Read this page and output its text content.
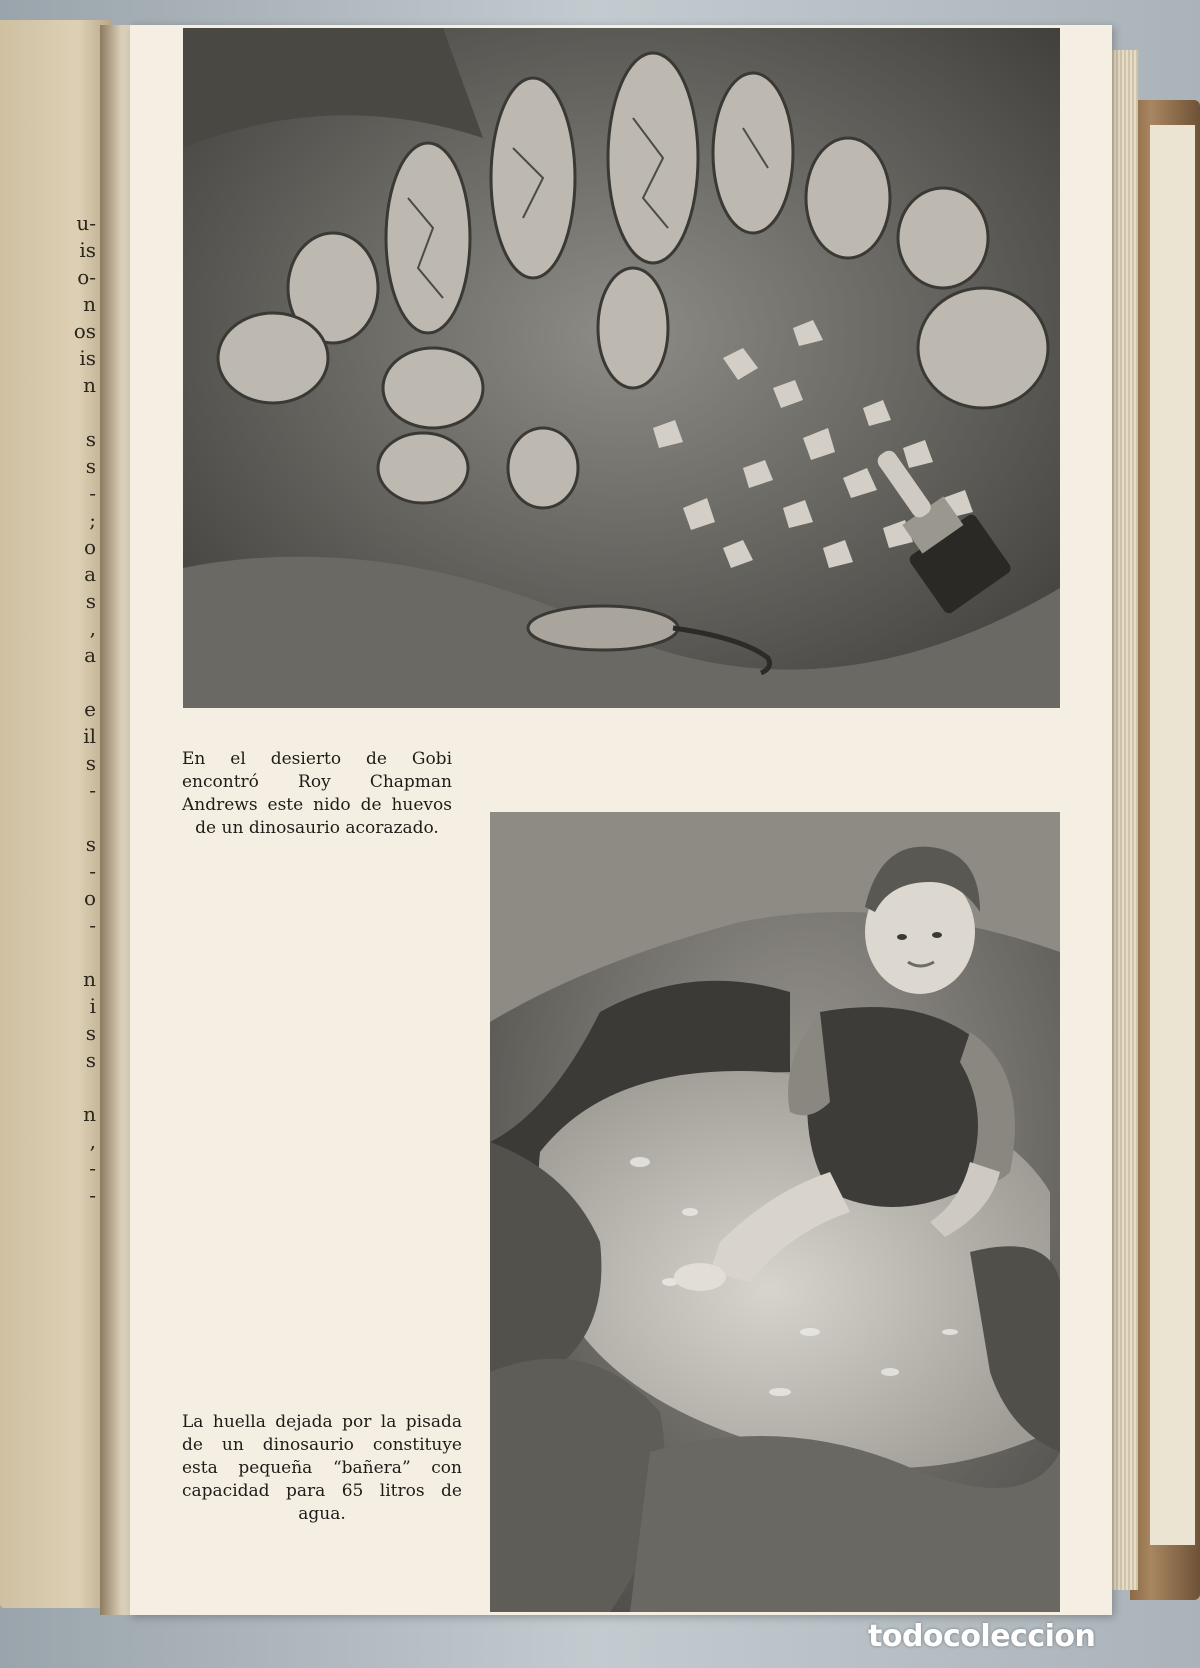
u-
is
o-
n
os
is
n
s
s
-
;
o
a
s
,
a
e
il
s
-
s
-
o
-
n
i
s
s
n
,
-
-

En el desierto de Gobi encontró Roy Chapman Andrews este nido de huevos de un dinosaurio acorazado.

La huella dejada por la pisada de un dinosaurio constituye esta pequeña “bañera” con capacidad para 65 litros de agua.

todocoleccion
